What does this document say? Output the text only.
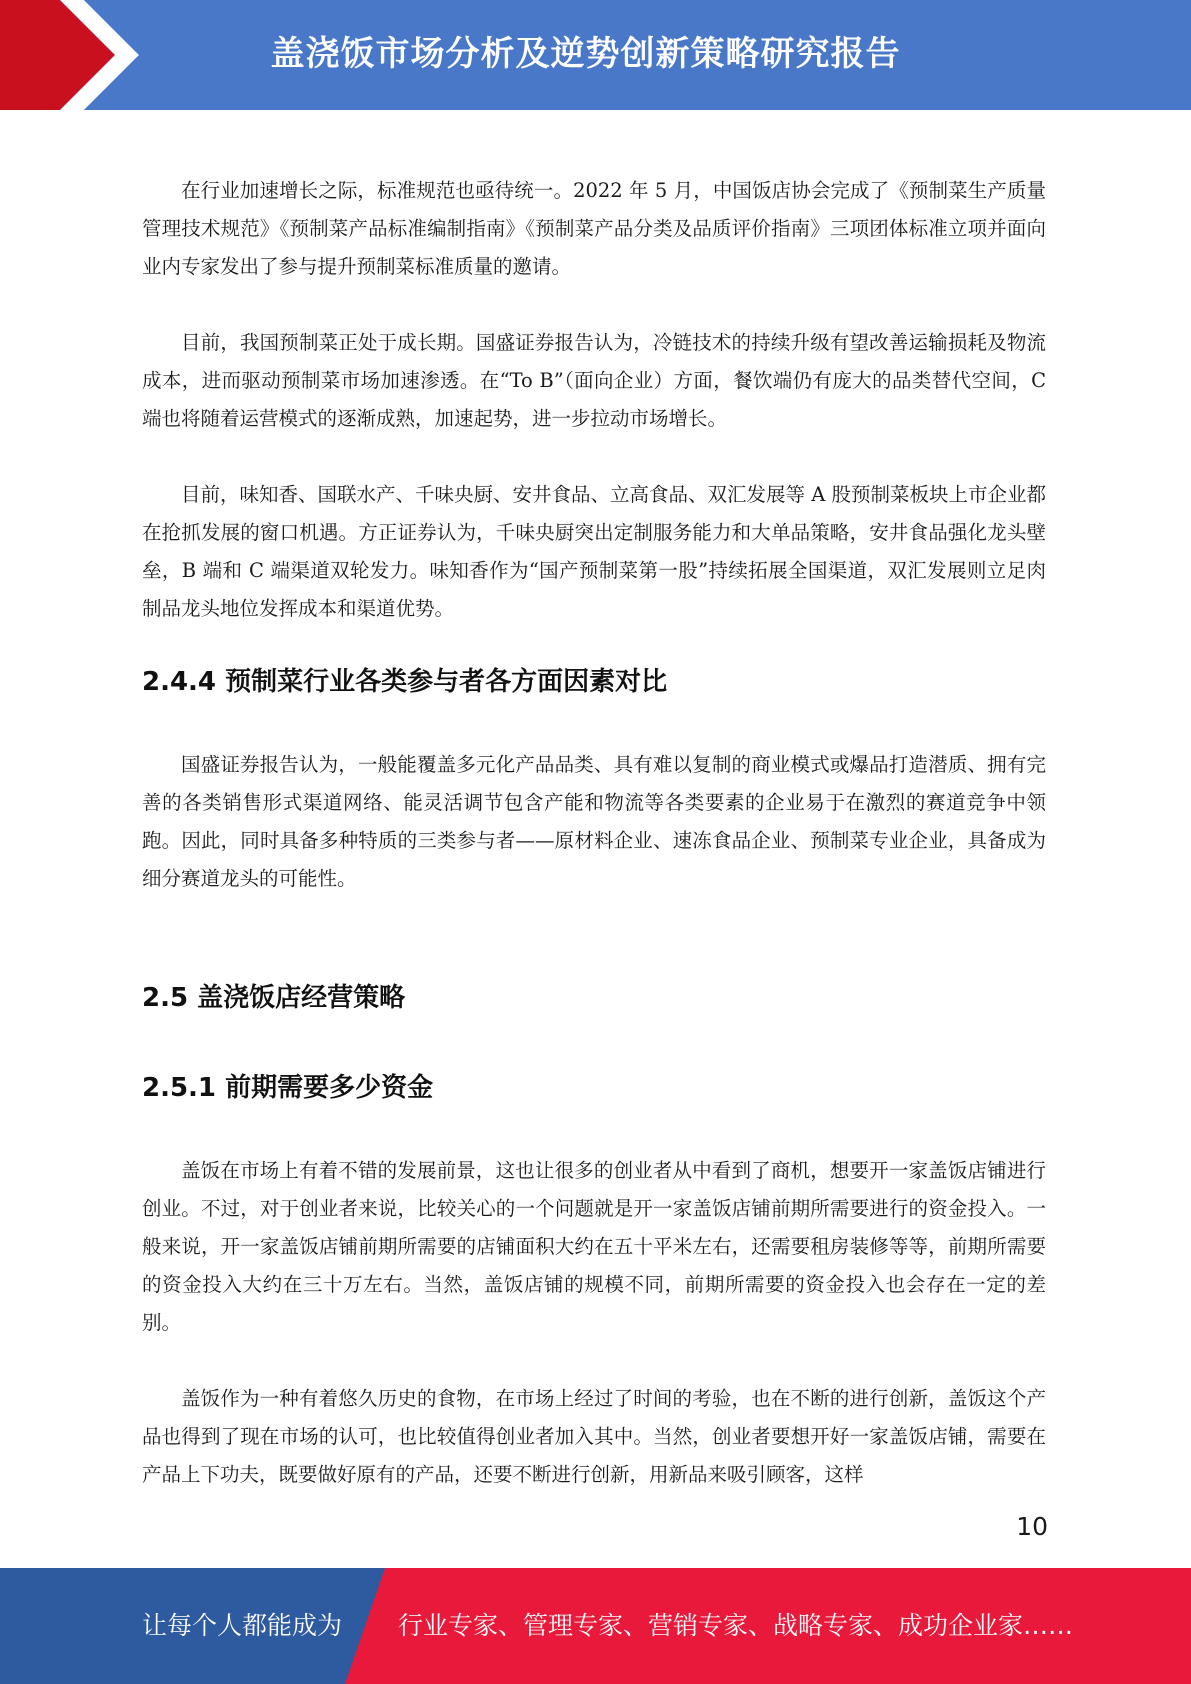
盖浇饭市场分析及逆势创新策略研究报告

在行业加速增长之际，标准规范也亟待统一。2022 年 5 月，中国饭店协会完成了《预制菜生产质量管理技术规范》《预制菜产品标准编制指南》《预制菜产品分类及品质评价指南》三项团体标准立项并面向业内专家发出了参与提升预制菜标准质量的邀请。

目前，我国预制菜正处于成长期。国盛证券报告认为，冷链技术的持续升级有望改善运输损耗及物流成本，进而驱动预制菜市场加速渗透。在“To B”（面向企业）方面，餐饮端仍有庞大的品类替代空间，C 端也将随着运营模式的逐渐成熟，加速起势，进一步拉动市场增长。

目前，味知香、国联水产、千味央厨、安井食品、立高食品、双汇发展等 A 股预制菜板块上市企业都在抢抓发展的窗口机遇。方正证券认为，千味央厨突出定制服务能力和大单品策略，安井食品强化龙头壁垒，B 端和 C 端渠道双轮发力。味知香作为“国产预制菜第一股”持续拓展全国渠道，双汇发展则立足肉制品龙头地位发挥成本和渠道优势。

2.4.4 预制菜行业各类参与者各方面因素对比

国盛证券报告认为，一般能覆盖多元化产品品类、具有难以复制的商业模式或爆品打造潜质、拥有完善的各类销售形式渠道网络、能灵活调节包含产能和物流等各类要素的企业易于在激烈的赛道竞争中领跑。因此，同时具备多种特质的三类参与者——原材料企业、速冻食品企业、预制菜专业企业，具备成为细分赛道龙头的可能性。

2.5 盖浇饭店经营策略
2.5.1 前期需要多少资金

盖饭在市场上有着不错的发展前景，这也让很多的创业者从中看到了商机，想要开一家盖饭店铺进行创业。不过，对于创业者来说，比较关心的一个问题就是开一家盖饭店铺前期所需要进行的资金投入。一般来说，开一家盖饭店铺前期所需要的店铺面积大约在五十平米左右，还需要租房装修等等，前期所需要的资金投入大约在三十万左右。当然，盖饭店铺的规模不同，前期所需要的资金投入也会存在一定的差别。

盖饭作为一种有着悠久历史的食物，在市场上经过了时间的考验，也在不断的进行创新，盖饭这个产品也得到了现在市场的认可，也比较值得创业者加入其中。当然，创业者要想开好一家盖饭店铺，需要在产品上下功夫，既要做好原有的产品，还要不断进行创新，用新品来吸引顾客，这样

10
让每个人都能成为 行业专家、管理专家、营销专家、战略专家、成功企业家……
